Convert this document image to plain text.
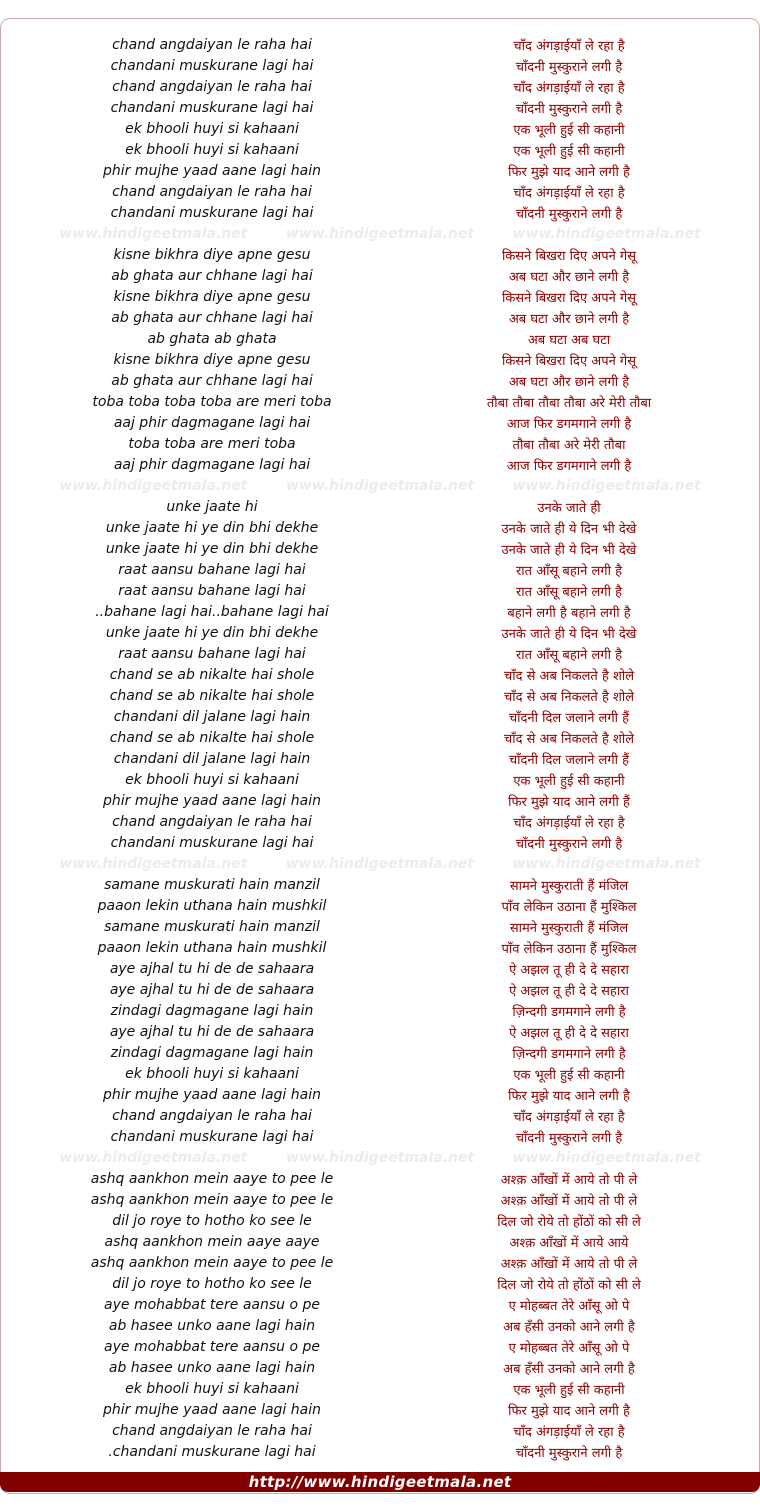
chand angdaiyan le raha hai	चाँद अंगड़ाईयाँ ले रहा है
chandani muskurane lagi hai	चाँदनी मुस्कुराने लगी है
chand angdaiyan le raha hai	चाँद अंगड़ाईयाँ ले रहा है
chandani muskurane lagi hai	चाँदनी मुस्कुराने लगी है
ek bhooli huyi si kahaani	एक भूली हुई सी कहानी
ek bhooli huyi si kahaani	एक भूली हुई सी कहानी
phir mujhe yaad aane lagi hain	फिर मुझे याद आने लगी है
chand angdaiyan le raha hai	चाँद अंगड़ाईयाँ ले रहा है
chandani muskurane lagi hai	चाँदनी मुस्कुराने लगी है
www.hindigeetmala.net	www.hindigeetmala.net	www.hindigeetmala.net
kisne bikhra diye apne gesu	किसने बिखरा दिए अपने गेसू
ab ghata aur chhane lagi hai	अब घटा और छाने लगी है
kisne bikhra diye apne gesu	किसने बिखरा दिए अपने गेसू
ab ghata aur chhane lagi hai	अब घटा और छाने लगी है
ab ghata ab ghata	अब घटा अब घटा
kisne bikhra diye apne gesu	किसने बिखरा दिए अपने गेसू
ab ghata aur chhane lagi hai	अब घटा और छाने लगी है
toba toba toba toba are meri toba	तौबा तौबा तौबा तौबा अरे मेरी तौबा
aaj phir dagmagane lagi hai	आज फिर डगमगाने लगी है
toba toba are meri toba	तौबा तौबा अरे मेरी तौबा
aaj phir dagmagane lagi hai	आज फिर डगमगाने लगी है
www.hindigeetmala.net	www.hindigeetmala.net	www.hindigeetmala.net
unke jaate hi	उनके जाते ही
unke jaate hi ye din bhi dekhe	उनके जाते ही ये दिन भी देखे
unke jaate hi ye din bhi dekhe	उनके जाते ही ये दिन भी देखे
raat aansu bahane lagi hai	रात आँसू बहाने लगी है
raat aansu bahane lagi hai	रात आँसू बहाने लगी है
..bahane lagi hai..bahane lagi hai	बहाने लगी है बहाने लगी है
unke jaate hi ye din bhi dekhe	उनके जाते ही ये दिन भी देखे
raat aansu bahane lagi hai	रात आँसू बहाने लगी है
chand se ab nikalte hai shole	चाँद से अब निकलते है शोले
chand se ab nikalte hai shole	चाँद से अब निकलते है शोले
chandani dil jalane lagi hain	चाँदनी दिल जलाने लगी हैं
chand se ab nikalte hai shole	चाँद से अब निकलते है शोले
chandani dil jalane lagi hain	चाँदनी दिल जलाने लगी हैं
ek bhooli huyi si kahaani	एक भूली हुई सी कहानी
phir mujhe yaad aane lagi hain	फिर मुझे याद आने लगी हैं
chand angdaiyan le raha hai	चाँद अंगड़ाईयाँ ले रहा है
chandani muskurane lagi hai	चाँदनी मुस्कुराने लगी है
www.hindigeetmala.net	www.hindigeetmala.net	www.hindigeetmala.net
samane muskurati hain manzil	सामने मुस्कुराती हैं मंजिल
paaon lekin uthana hain mushkil	पाँव लेकिन उठाना हैं मुश्किल
samane muskurati hain manzil	सामने मुस्कुराती हैं मंजिल
paaon lekin uthana hain mushkil	पाँव लेकिन उठाना हैं मुश्किल
aye ajhal tu hi de de sahaara	ऐ अझल तू ही दे दे सहारा
aye ajhal tu hi de de sahaara	ऐ अझल तू ही दे दे सहारा
zindagi dagmagane lagi hain	ज़िन्दगी डगमगाने लगी है
aye ajhal tu hi de de sahaara	ऐ अझल तू ही दे दे सहारा
zindagi dagmagane lagi hain	ज़िन्दगी डगमगाने लगी है
ek bhooli huyi si kahaani	एक भूली हुई सी कहानी
phir mujhe yaad aane lagi hain	फिर मुझे याद आने लगी है
chand angdaiyan le raha hai	चाँद अंगड़ाईयाँ ले रहा है
chandani muskurane lagi hai	चाँदनी मुस्कुराने लगी है
www.hindigeetmala.net	www.hindigeetmala.net	www.hindigeetmala.net
ashq aankhon mein aaye to pee le	अश्क़ आँखों में आये तो पी ले
ashq aankhon mein aaye to pee le	अश्क़ आँखों में आये तो पी ले
dil jo roye to hotho ko see le	दिल जो रोये तो होंठों को सी ले
ashq aankhon mein aaye aaye	अश्क़ आँखों में आये आये
ashq aankhon mein aaye to pee le	अश्क़ आँखों में आये तो पी ले
dil jo roye to hotho ko see le	दिल जो रोये तो होंठों को सी ले
aye mohabbat tere aansu o pe	ए मोहब्बत तेरे आँसू ओ पे
ab hasee unko aane lagi hain	अब हँसी उनको आने लगी है
aye mohabbat tere aansu o pe	ए मोहब्बत तेरे आँसू ओ पे
ab hasee unko aane lagi hain	अब हँसी उनको आने लगी है
ek bhooli huyi si kahaani	एक भूली हुई सी कहानी
phir mujhe yaad aane lagi hain	फिर मुझे याद आने लगी है
chand angdaiyan le raha hai	चाँद अंगड़ाईयाँ ले रहा है
.chandani muskurane lagi hai	चाँदनी मुस्कुराने लगी है
http://www.hindigeetmala.net
